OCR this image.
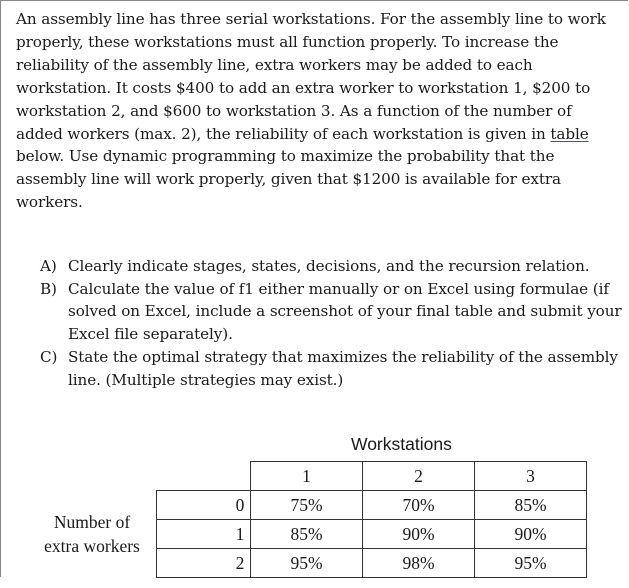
An assembly line has three serial workstations. For the assembly line to work
properly, these workstations must all function properly. To increase the
reliability of the assembly line, extra workers may be added to each
workstation. It costs $400 to add an extra worker to workstation 1, $200 to
workstation 2, and $600 to workstation 3. As a function of the number of
added workers (max. 2), the reliability of each workstation is given in table
below. Use dynamic programming to maximize the probability that the
assembly line will work properly, given that $1200 is available for extra
workers.
A) Clearly indicate stages, states, decisions, and the recursion relation.
B) Calculate the value of f1 either manually or on Excel using formulae (if
solved on Excel, include a screenshot of your final table and submit your
Excel file separately).
C) State the optimal strategy that maximizes the reliability of the assembly
line. (Multiple strategies may exist.)
Workstations
Number of
extra workers
	1	2	3
0	75%	70%	85%
1	85%	90%	90%
2	95%	98%	95%
